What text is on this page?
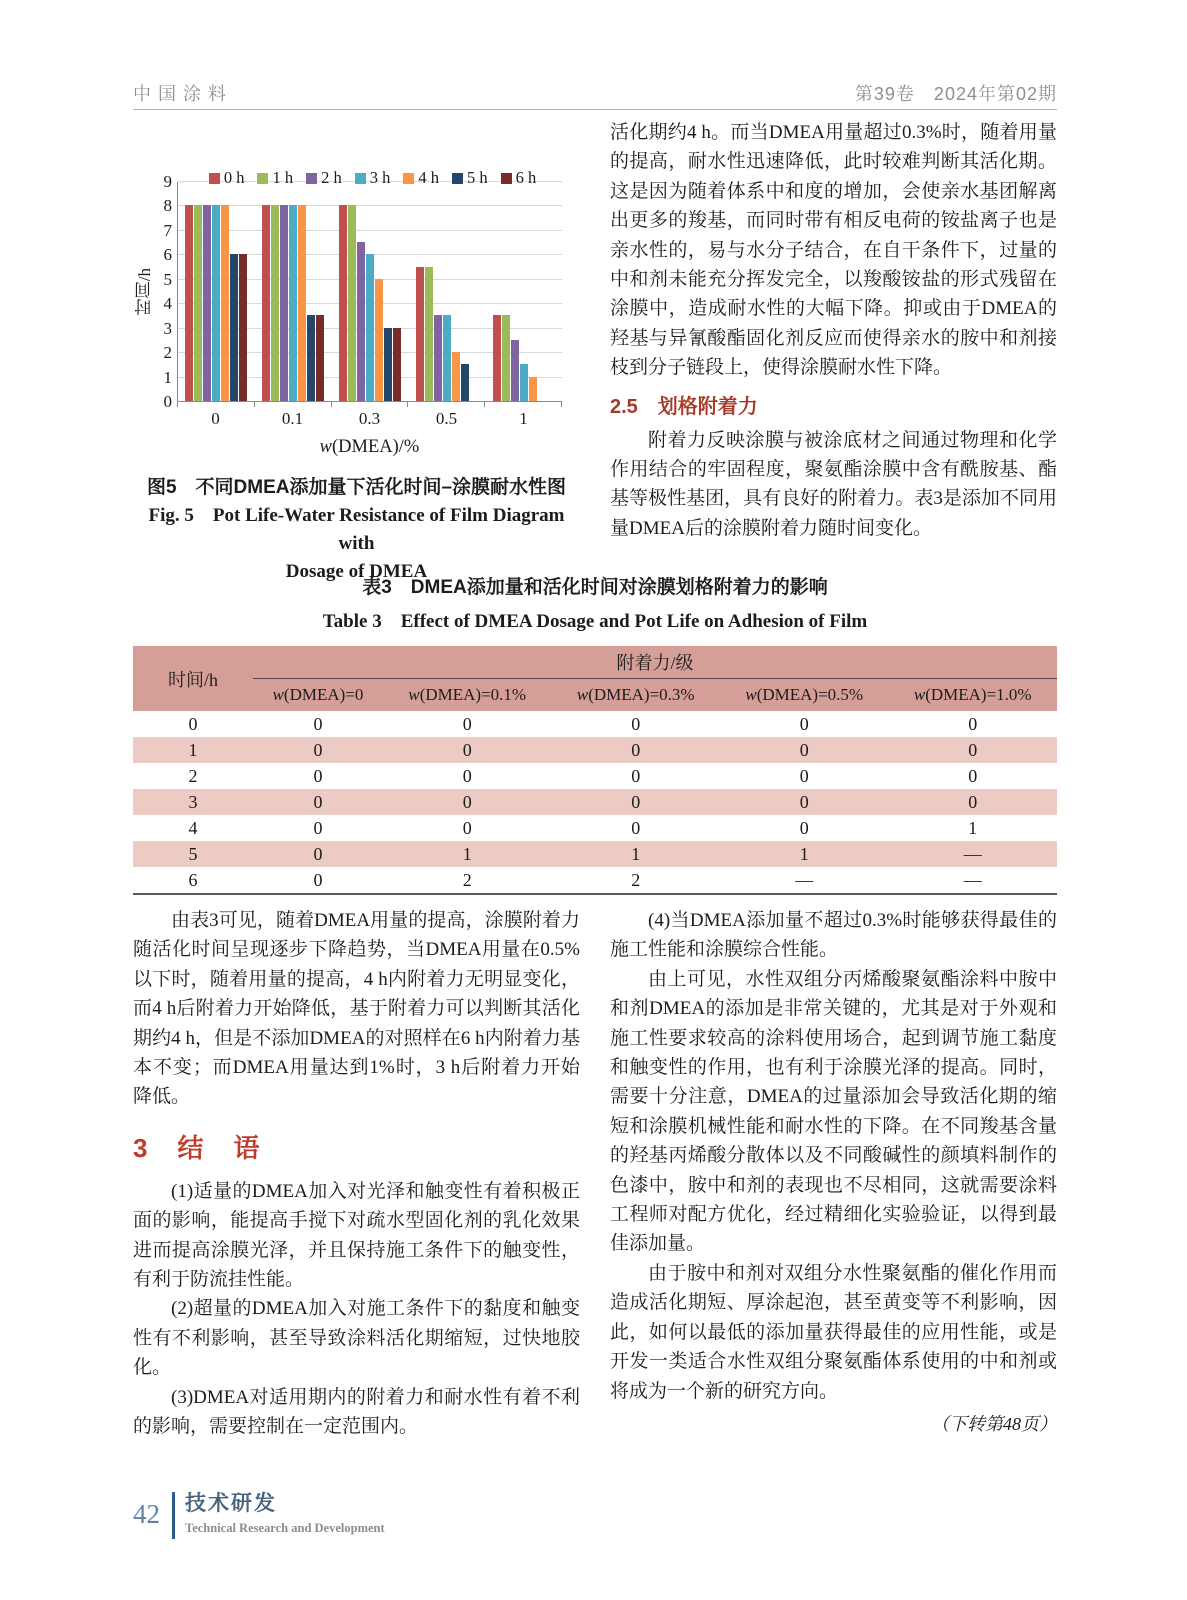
中国涂料	第39卷　2024年第02期
0 h 1 h 2 h 3 h 4 h 5 h 6 h
时间/h
0
1
2
3
4
5
6
7
8
9
0	0.1	0.3	0.5	1
w(DMEA)/%
图5　不同DMEA添加量下活化时间–涂膜耐水性图
Fig. 5　Pot Life-Water Resistance of Film Diagram with
Dosage of DMEA

活化期约4 h。而当DMEA用量超过0.3%时，随着用量的提高，耐水性迅速降低，此时较难判断其活化期。这是因为随着体系中和度的增加，会使亲水基团解离出更多的羧基，而同时带有相反电荷的铵盐离子也是亲水性的，易与水分子结合，在自干条件下，过量的中和剂未能充分挥发完全，以羧酸铵盐的形式残留在涂膜中，造成耐水性的大幅下降。抑或由于DMEA的羟基与异氰酸酯固化剂反应而使得亲水的胺中和剂接枝到分子链段上，使得涂膜耐水性下降。

2.5　划格附着力

附着力反映涂膜与被涂底材之间通过物理和化学作用结合的牢固程度，聚氨酯涂膜中含有酰胺基、酯基等极性基团，具有良好的附着力。表3是添加不同用量DMEA后的涂膜附着力随时间变化。

表3　DMEA添加量和活化时间对涂膜划格附着力的影响

Table 3　Effect of DMEA Dosage and Pot Life on Adhesion of Film

时间/h	附着力/级				
	w(DMEA)=0	w(DMEA)=0.1%	w(DMEA)=0.3%	w(DMEA)=0.5%	w(DMEA)=1.0%
0	0	0	0	0	0
1	0	0	0	0	0
2	0	0	0	0	0
3	0	0	0	0	0
4	0	0	0	0	1
5	0	1	1	1	—
6	0	2	2	—	—

由表3可见，随着DMEA用量的提高，涂膜附着力随活化时间呈现逐步下降趋势，当DMEA用量在0.5%以下时，随着用量的提高，4 h内附着力无明显变化，而4 h后附着力开始降低，基于附着力可以判断其活化期约4 h，但是不添加DMEA的对照样在6 h内附着力基本不变；而DMEA用量达到1%时，3 h后附着力开始降低。

3　结　语

(1)适量的DMEA加入对光泽和触变性有着积极正面的影响，能提高手搅下对疏水型固化剂的乳化效果进而提高涂膜光泽，并且保持施工条件下的触变性，有利于防流挂性能。

(2)超量的DMEA加入对施工条件下的黏度和触变性有不利影响，甚至导致涂料活化期缩短，过快地胶化。

(3)DMEA对适用期内的附着力和耐水性有着不利的影响，需要控制在一定范围内。

(4)当DMEA添加量不超过0.3%时能够获得最佳的施工性能和涂膜综合性能。

由上可见，水性双组分丙烯酸聚氨酯涂料中胺中和剂DMEA的添加是非常关键的，尤其是对于外观和施工性要求较高的涂料使用场合，起到调节施工黏度和触变性的作用，也有利于涂膜光泽的提高。同时，需要十分注意，DMEA的过量添加会导致活化期的缩短和涂膜机械性能和耐水性的下降。在不同羧基含量的羟基丙烯酸分散体以及不同酸碱性的颜填料制作的色漆中，胺中和剂的表现也不尽相同，这就需要涂料工程师对配方优化，经过精细化实验验证，以得到最佳添加量。

由于胺中和剂对双组分水性聚氨酯的催化作用而造成活化期短、厚涂起泡，甚至黄变等不利影响，因此，如何以最低的添加量获得最佳的应用性能，或是开发一类适合水性双组分聚氨酯体系使用的中和剂或将成为一个新的研究方向。

（下转第48页）
42 技术研发
Technical Research and Development
